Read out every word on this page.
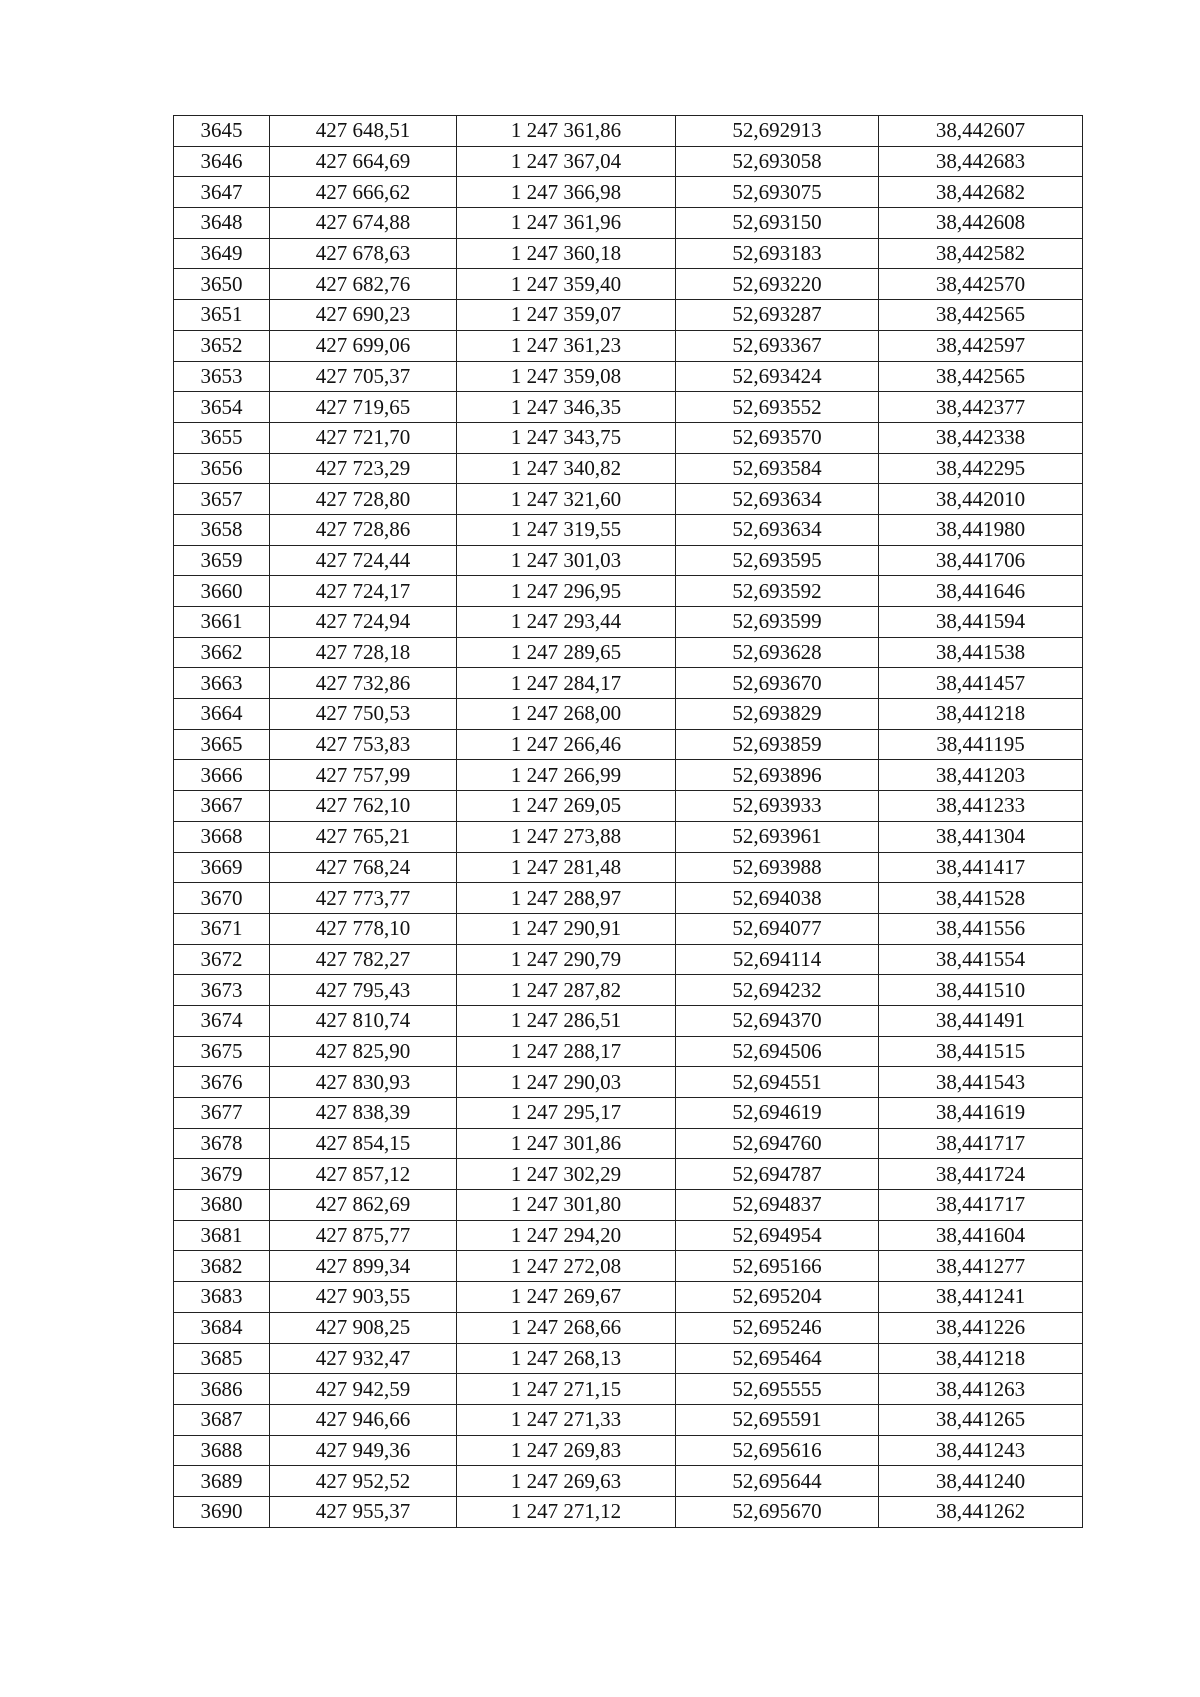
3645	427 648,51	1 247 361,86	52,692913	38,442607
3646	427 664,69	1 247 367,04	52,693058	38,442683
3647	427 666,62	1 247 366,98	52,693075	38,442682
3648	427 674,88	1 247 361,96	52,693150	38,442608
3649	427 678,63	1 247 360,18	52,693183	38,442582
3650	427 682,76	1 247 359,40	52,693220	38,442570
3651	427 690,23	1 247 359,07	52,693287	38,442565
3652	427 699,06	1 247 361,23	52,693367	38,442597
3653	427 705,37	1 247 359,08	52,693424	38,442565
3654	427 719,65	1 247 346,35	52,693552	38,442377
3655	427 721,70	1 247 343,75	52,693570	38,442338
3656	427 723,29	1 247 340,82	52,693584	38,442295
3657	427 728,80	1 247 321,60	52,693634	38,442010
3658	427 728,86	1 247 319,55	52,693634	38,441980
3659	427 724,44	1 247 301,03	52,693595	38,441706
3660	427 724,17	1 247 296,95	52,693592	38,441646
3661	427 724,94	1 247 293,44	52,693599	38,441594
3662	427 728,18	1 247 289,65	52,693628	38,441538
3663	427 732,86	1 247 284,17	52,693670	38,441457
3664	427 750,53	1 247 268,00	52,693829	38,441218
3665	427 753,83	1 247 266,46	52,693859	38,441195
3666	427 757,99	1 247 266,99	52,693896	38,441203
3667	427 762,10	1 247 269,05	52,693933	38,441233
3668	427 765,21	1 247 273,88	52,693961	38,441304
3669	427 768,24	1 247 281,48	52,693988	38,441417
3670	427 773,77	1 247 288,97	52,694038	38,441528
3671	427 778,10	1 247 290,91	52,694077	38,441556
3672	427 782,27	1 247 290,79	52,694114	38,441554
3673	427 795,43	1 247 287,82	52,694232	38,441510
3674	427 810,74	1 247 286,51	52,694370	38,441491
3675	427 825,90	1 247 288,17	52,694506	38,441515
3676	427 830,93	1 247 290,03	52,694551	38,441543
3677	427 838,39	1 247 295,17	52,694619	38,441619
3678	427 854,15	1 247 301,86	52,694760	38,441717
3679	427 857,12	1 247 302,29	52,694787	38,441724
3680	427 862,69	1 247 301,80	52,694837	38,441717
3681	427 875,77	1 247 294,20	52,694954	38,441604
3682	427 899,34	1 247 272,08	52,695166	38,441277
3683	427 903,55	1 247 269,67	52,695204	38,441241
3684	427 908,25	1 247 268,66	52,695246	38,441226
3685	427 932,47	1 247 268,13	52,695464	38,441218
3686	427 942,59	1 247 271,15	52,695555	38,441263
3687	427 946,66	1 247 271,33	52,695591	38,441265
3688	427 949,36	1 247 269,83	52,695616	38,441243
3689	427 952,52	1 247 269,63	52,695644	38,441240
3690	427 955,37	1 247 271,12	52,695670	38,441262
